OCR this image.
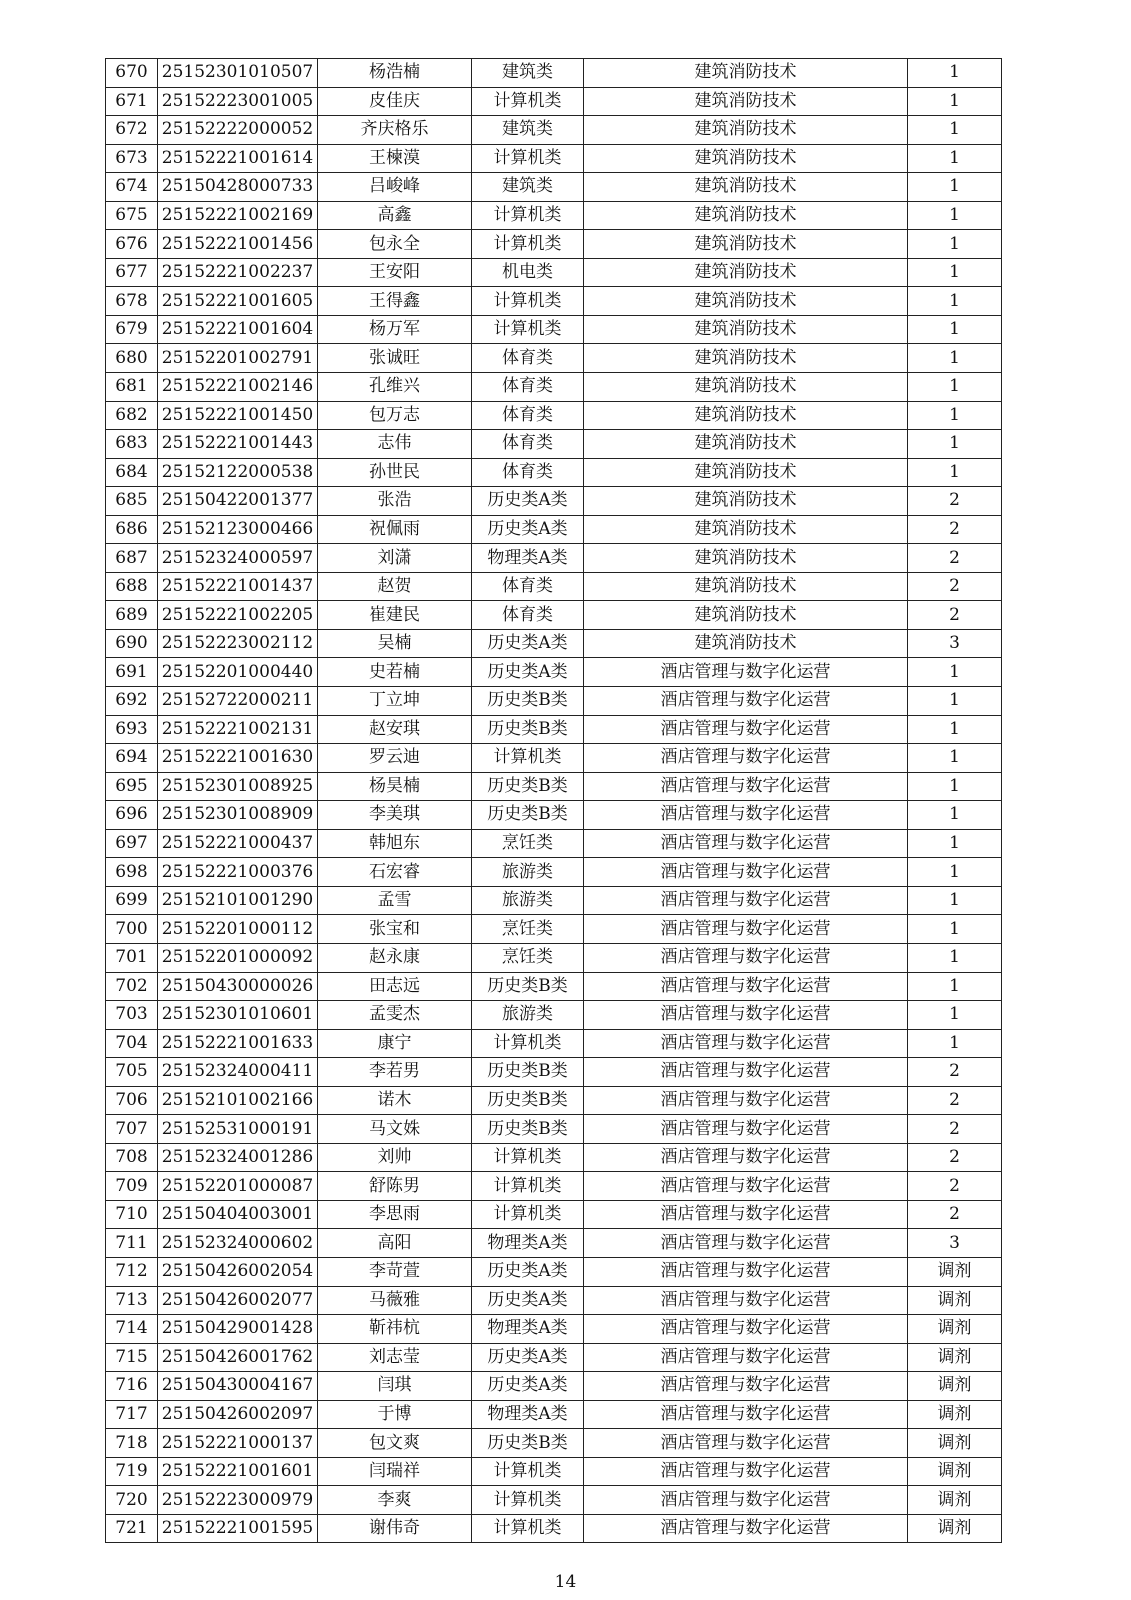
670	25152301010507	杨浩楠	建筑类	建筑消防技术	1
671	25152223001005	皮佳庆	计算机类	建筑消防技术	1
672	25152222000052	齐庆格乐	建筑类	建筑消防技术	1
673	25152221001614	王楝漠	计算机类	建筑消防技术	1
674	25150428000733	吕峻峰	建筑类	建筑消防技术	1
675	25152221002169	高鑫	计算机类	建筑消防技术	1
676	25152221001456	包永全	计算机类	建筑消防技术	1
677	25152221002237	王安阳	机电类	建筑消防技术	1
678	25152221001605	王得鑫	计算机类	建筑消防技术	1
679	25152221001604	杨万军	计算机类	建筑消防技术	1
680	25152201002791	张诚旺	体育类	建筑消防技术	1
681	25152221002146	孔维兴	体育类	建筑消防技术	1
682	25152221001450	包万志	体育类	建筑消防技术	1
683	25152221001443	志伟	体育类	建筑消防技术	1
684	25152122000538	孙世民	体育类	建筑消防技术	1
685	25150422001377	张浩	历史类A类	建筑消防技术	2
686	25152123000466	祝佩雨	历史类A类	建筑消防技术	2
687	25152324000597	刘潇	物理类A类	建筑消防技术	2
688	25152221001437	赵贺	体育类	建筑消防技术	2
689	25152221002205	崔建民	体育类	建筑消防技术	2
690	25152223002112	吴楠	历史类A类	建筑消防技术	3
691	25152201000440	史若楠	历史类A类	酒店管理与数字化运营	1
692	25152722000211	丁立坤	历史类B类	酒店管理与数字化运营	1
693	25152221002131	赵安琪	历史类B类	酒店管理与数字化运营	1
694	25152221001630	罗云迪	计算机类	酒店管理与数字化运营	1
695	25152301008925	杨昊楠	历史类B类	酒店管理与数字化运营	1
696	25152301008909	李美琪	历史类B类	酒店管理与数字化运营	1
697	25152221000437	韩旭东	烹饪类	酒店管理与数字化运营	1
698	25152221000376	石宏睿	旅游类	酒店管理与数字化运营	1
699	25152101001290	孟雪	旅游类	酒店管理与数字化运营	1
700	25152201000112	张宝和	烹饪类	酒店管理与数字化运营	1
701	25152201000092	赵永康	烹饪类	酒店管理与数字化运营	1
702	25150430000026	田志远	历史类B类	酒店管理与数字化运营	1
703	25152301010601	孟雯杰	旅游类	酒店管理与数字化运营	1
704	25152221001633	康宁	计算机类	酒店管理与数字化运营	1
705	25152324000411	李若男	历史类B类	酒店管理与数字化运营	2
706	25152101002166	诺木	历史类B类	酒店管理与数字化运营	2
707	25152531000191	马文姝	历史类B类	酒店管理与数字化运营	2
708	25152324001286	刘帅	计算机类	酒店管理与数字化运营	2
709	25152201000087	舒陈男	计算机类	酒店管理与数字化运营	2
710	25150404003001	李思雨	计算机类	酒店管理与数字化运营	2
711	25152324000602	高阳	物理类A类	酒店管理与数字化运营	3
712	25150426002054	李苛萱	历史类A类	酒店管理与数字化运营	调剂
713	25150426002077	马薇雅	历史类A类	酒店管理与数字化运营	调剂
714	25150429001428	靳祎杭	物理类A类	酒店管理与数字化运营	调剂
715	25150426001762	刘志莹	历史类A类	酒店管理与数字化运营	调剂
716	25150430004167	闫琪	历史类A类	酒店管理与数字化运营	调剂
717	25150426002097	于博	物理类A类	酒店管理与数字化运营	调剂
718	25152221000137	包文爽	历史类B类	酒店管理与数字化运营	调剂
719	25152221001601	闫瑞祥	计算机类	酒店管理与数字化运营	调剂
720	25152223000979	李爽	计算机类	酒店管理与数字化运营	调剂
721	25152221001595	谢伟奇	计算机类	酒店管理与数字化运营	调剂
14
